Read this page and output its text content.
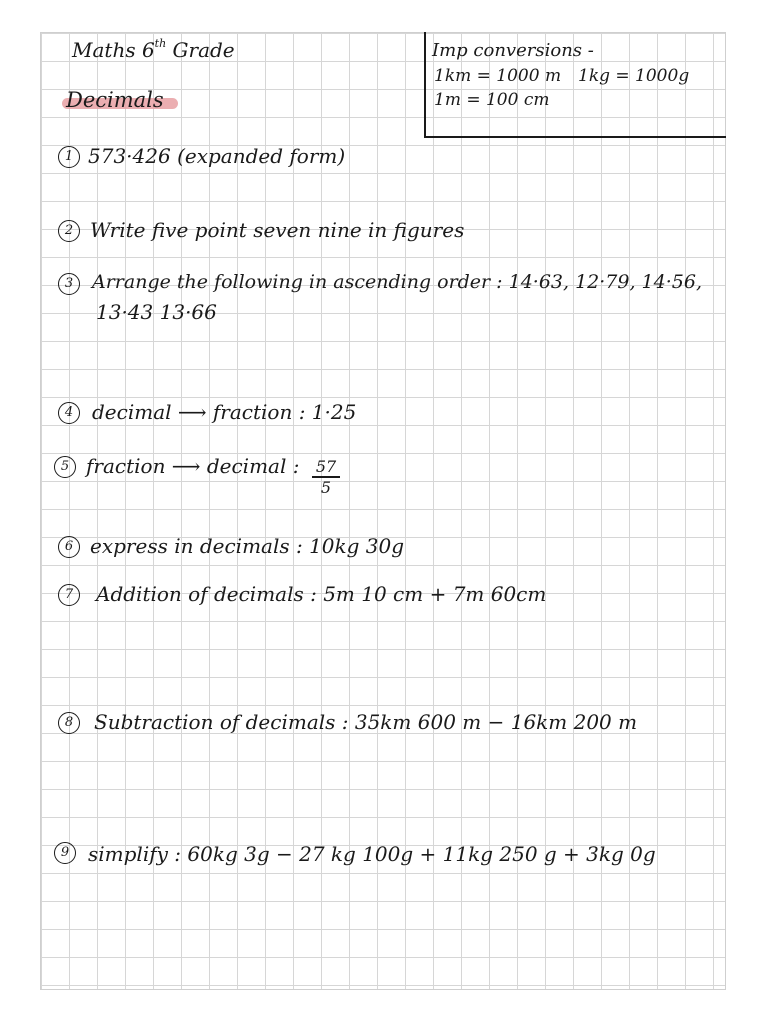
Maths 6th Grade
Decimals
Imp conversions -
1km = 1000 m 1kg = 1000g
1m = 100 cm
1 573·426 (expanded form)
2 Write five point seven nine in figures
3 Arrange the following in ascending order : 14·63, 12·79, 14·56,
13·43 13·66
4 decimal ⟶ fraction : 1·25
5 fraction ⟶ decimal : $\frac{57}{5}$
6 express in decimals : 10kg 30g
7	Addition of decimals : 5m 10 cm + 7m 60cm
8	Subtraction of decimals : 35km 600 m − 16km 200 m
9 simplify : 60kg 3g − 27 kg 100g + 11kg 250 g + 3kg 0g
